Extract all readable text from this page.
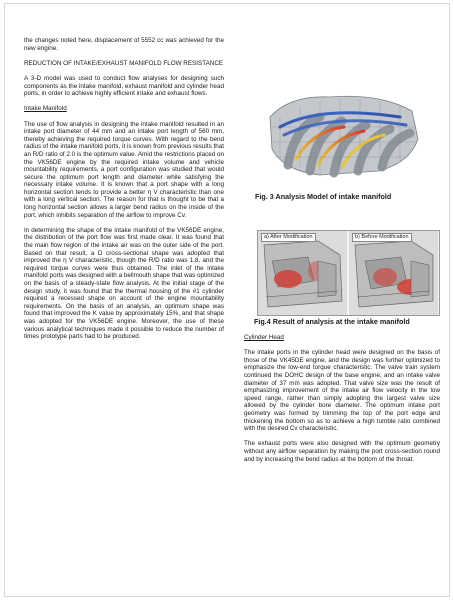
the changes noted here, displacement of 5552 cc was achieved for the new engine.

REDUCTION OF INTAKE/EXHAUST MANIFOLD FLOW RESISTANCE

A 3-D model was used to conduct flow analyses for designing such components as the intake manifold, exhaust manifold and cylinder head ports, in order to achieve highly efficient intake and exhaust flows.

Intake Manifold

The use of flow analysis in designing the intake manifold resulted in an intake port diameter of 44 mm and an intake port length of 560 mm, thereby achieving the required torque curves. With regard to the bend radius of the intake manifold ports, it is known from previous results that an R/D ratio of 2.0 is the optimum value. Amid the restrictions placed on the VK56DE engine by the required intake volume and vehicle mountability requirements, a port configuration was studied that would secure the optimum port length and diameter while satisfying the necessary intake volume. It is known that a port shape with a long horizontal section tends to provide a better η V characteristic than one with a long vertical section. The reason for that is thought to be that a long horizontal section allows a larger bend radius on the inside of the port, which inhibits separation of the airflow to improve Cv.

In determining the shape of the intake manifold of the VK56DE engine, the distribution of the port flow was first made clear. It was found that the main flow region of the intake air was on the outer side of the port. Based on that result, a D cross-sectional shape was adopted that improved the η V characteristic, though the R/D ratio was 1.8, and the required torque curves were thus obtained. The inlet of the intake manifold ports was designed with a bellmouth shape that was optimized on the basis of a steady-state flow analysis. At the initial stage of the design study, it was found that the thermal housing of the #1 cylinder required a recessed shape on account of the engine mountability requirements. On the basis of an analysis, an optimum shape was found that improved the K value by approximately 15%, and that shape was adopted for the VK56DE engine. Moreover, the use of these various analytical techniques made it possible to reduce the number of times prototype parts had to be produced.

Fig. 3 Analysis Model of intake manifold
a) After Modification	b) Before Modification
Fig.4 Result of analysis at the intake manifold

Cylinder Head

The intake ports in the cylinder head were designed on the basis of those of the VK45DE engine, and the design was further optimized to emphasize the low-end torque characteristic. The valve train system continued the DOHC design of the base engine, and an intake valve diameter of 37 mm was adopted. That valve size was the result of emphasizing improvement of the intake air flow velocity in the low speed range, rather than simply adopting the largest valve size allowed by the cylinder bore diameter. The optimum intake port geometry was formed by trimming the top of the port edge and thickening the bottom so as to achieve a high tumble ratio combined with the desired Cv characteristic.

The exhaust ports were also designed with the optimum geometry without any airflow separation by making the port cross-section round and by increasing the bend radius at the bottom of the throat.
